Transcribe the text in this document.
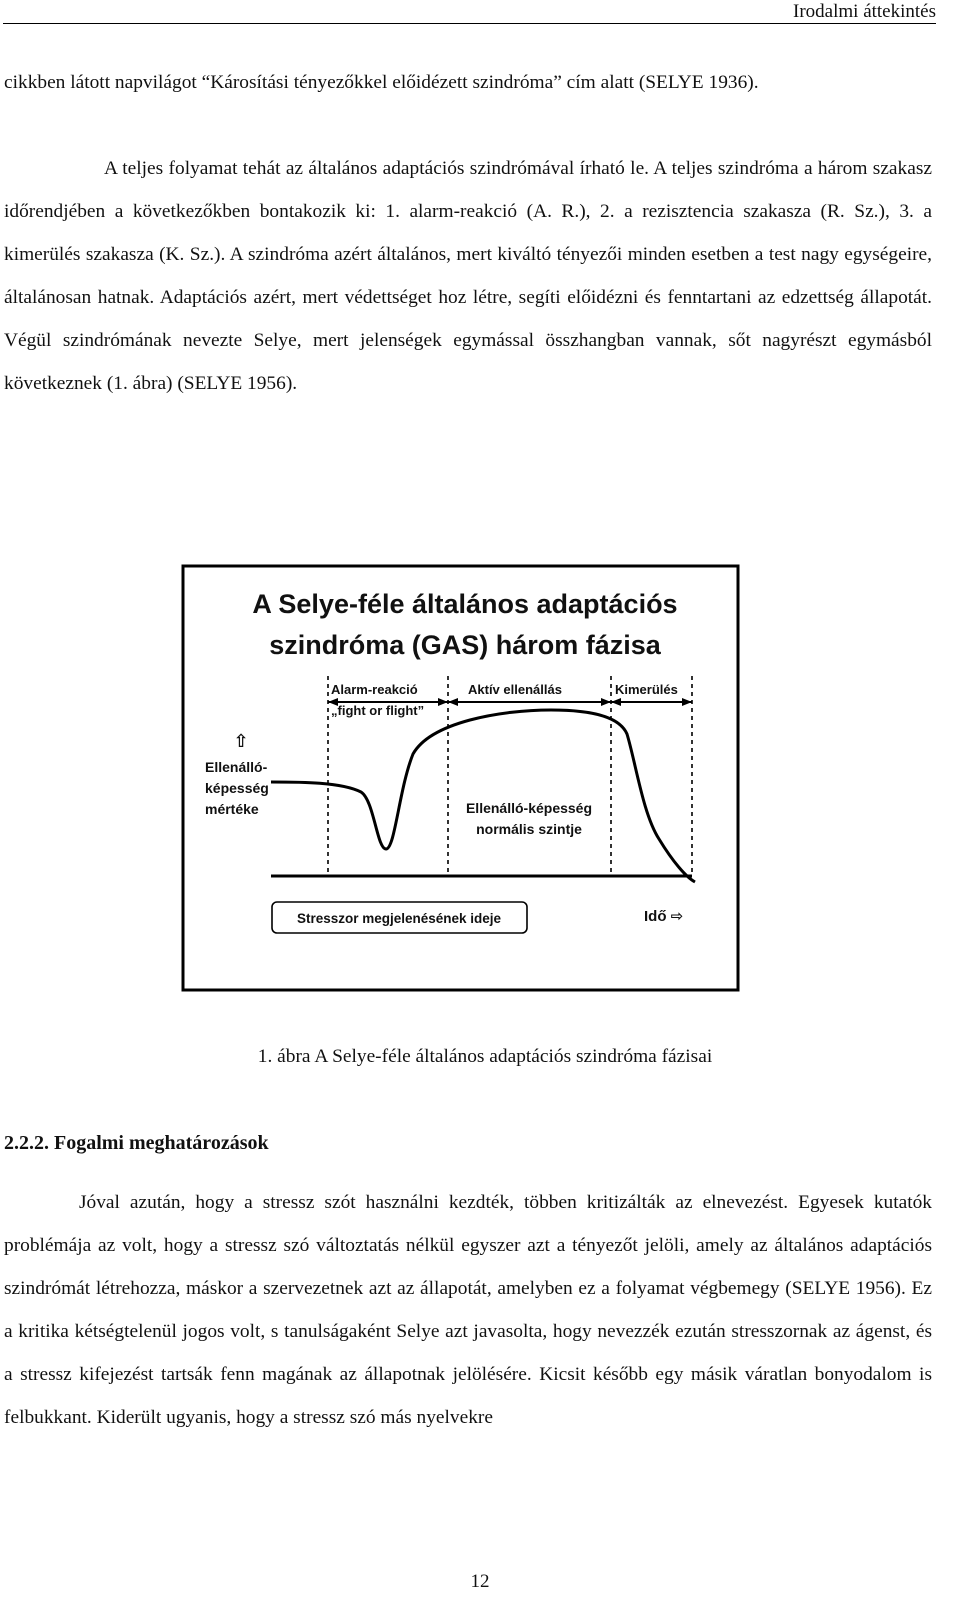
Irodalmi áttekintés

cikkben látott napvilágot “Károsítási tényezőkkel előidézett szindróma” cím alatt (SELYE 1936).

A teljes folyamat tehát az általános adaptációs szindrómával írható le. A teljes szindróma a három szakasz időrendjében a következőkben bontakozik ki: 1. alarm-reakció (A. R.), 2. a rezisztencia szakasza (R. Sz.), 3. a kimerülés szakasza (K. Sz.). A szindróma azért általános, mert kiváltó tényezői minden esetben a test nagy egységeire, általánosan hatnak. Adaptációs azért, mert védettséget hoz létre, segíti előidézni és fenntartani az edzettség állapotát. Végül szindrómának nevezte Selye, mert jelenségek egymással összhangban vannak, sőt nagyrészt egymásból következnek (1. ábra) (SELYE 1956).

A Selye-féle általános adaptációs
szindróma (GAS) három fázisa
Alarm-reakció
„fight or flight”
Aktív ellenállás	Kimerülés
⇧
Ellenálló-
képesség
mértéke	Ellenálló-képesség
normális szintje
Stresszor megjelenésének ideje	Idő ⇨
1. ábra A Selye-féle általános adaptációs szindróma fázisai
2.2.2. Fogalmi meghatározások

Jóval azután, hogy a stressz szót használni kezdték, többen kritizálták az elnevezést. Egyesek kutatók problémája az volt, hogy a stressz szó változtatás nélkül egyszer azt a tényezőt jelöli, amely az általános adaptációs szindrómát létrehozza, máskor a szervezetnek azt az állapotát, amelyben ez a folyamat végbemegy (SELYE 1956). Ez a kritika kétségtelenül jogos volt, s tanulságaként Selye azt javasolta, hogy nevezzék ezután stresszornak az ágenst, és a stressz kifejezést tartsák fenn magának az állapotnak jelölésére. Kicsit később egy másik váratlan bonyodalom is felbukkant. Kiderült ugyanis, hogy a stressz szó más nyelvekre

12
